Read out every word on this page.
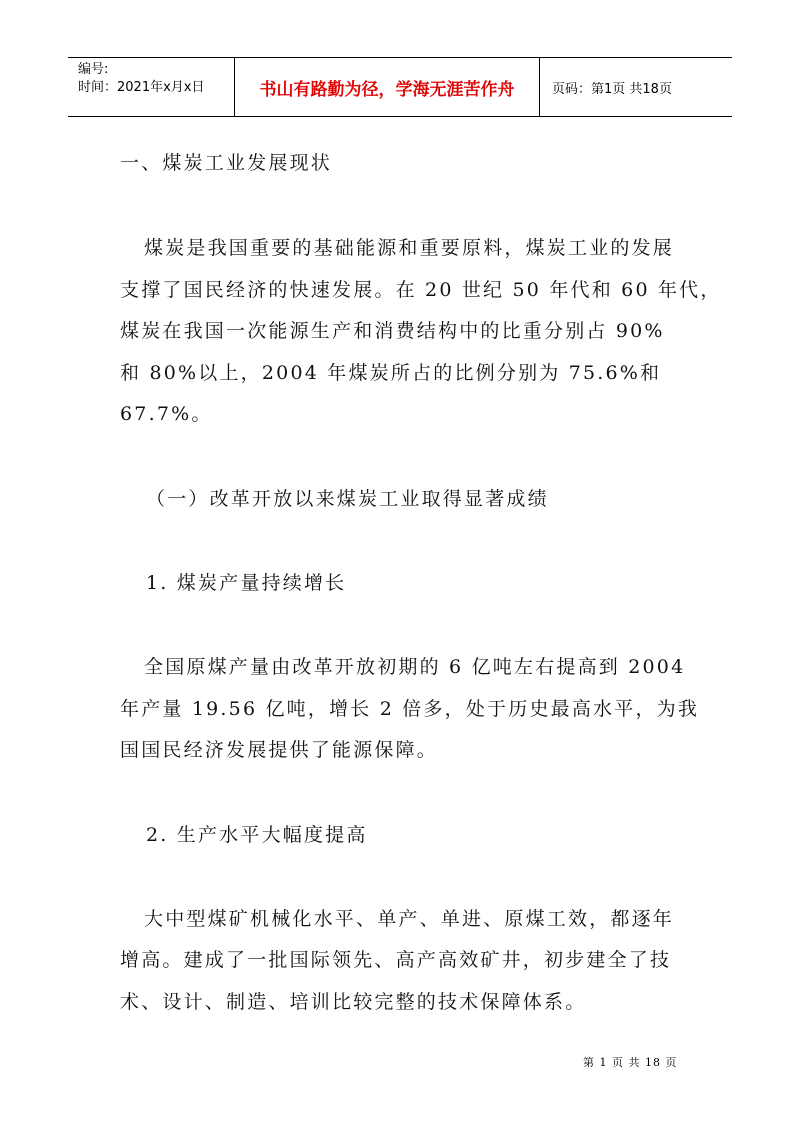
编号:
时间：2021年x月x日	书山有路勤为径，学海无涯苦作舟	页码：第1页 共18页
一、煤炭工业发展现状
煤炭是我国重要的基础能源和重要原料，煤炭工业的发展
支撑了国民经济的快速发展。在 20 世纪 50 年代和 60 年代，
煤炭在我国一次能源生产和消费结构中的比重分别占 90%
和 80%以上，2004 年煤炭所占的比例分别为 75.6%和
67.7%。
（一）改革开放以来煤炭工业取得显著成绩
1. 煤炭产量持续增长
全国原煤产量由改革开放初期的 6 亿吨左右提高到 2004
年产量 19.56 亿吨，增长 2 倍多，处于历史最高水平，为我
国国民经济发展提供了能源保障。
2. 生产水平大幅度提高
大中型煤矿机械化水平、单产、单进、原煤工效，都逐年
增高。建成了一批国际领先、高产高效矿井，初步建全了技
术、设计、制造、培训比较完整的技术保障体系。
第 1 页 共 18 页
